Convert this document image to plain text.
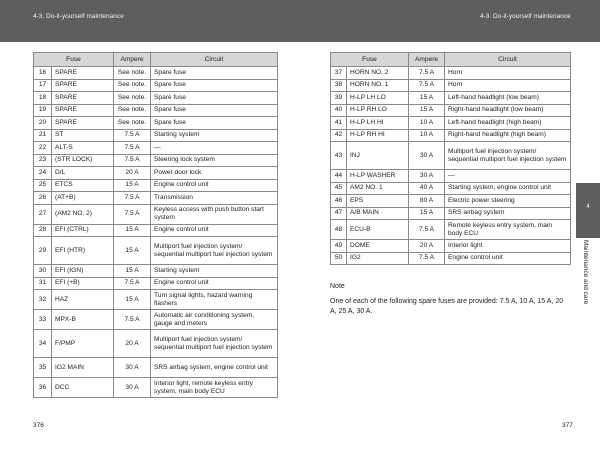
4-3. Do-it-yourself maintenance	4-3. Do-it-yourself maintenance
4
Maintenance and care
Fuse		Ampere	Circuit
16	SPARE	See note.	Spare fuse
17	SPARE	See note.	Spare fuse
18	SPARE	See note.	Spare fuse
19	SPARE	See note.	Spare fuse
20	SPARE	See note.	Spare fuse
21	ST	7.5 A	Starting system
22	ALT-S	7.5 A	—
23	(STR LOCK)	7.5 A	Steering lock system
24	D/L	20 A	Power door lock
25	ETCS	15 A	Engine control unit
26	(AT+B)	7.5 A	Transmission
27	(AM2 NO. 2)	7.5 A	Keyless access with push button start system
28	EFI (CTRL)	15 A	Engine control unit
29	EFI (HTR)	15 A	Multiport fuel injection system/ sequential multiport fuel injection system
30	EFI (IGN)	15 A	Starting system
31	EFI (+B)	7.5 A	Engine control unit
32	HAZ	15 A	Turn signal lights, hazard warning flashers
33	MPX-B	7.5 A	Automatic air conditioning system, gauge and meters
34	F/PMP	20 A	Multiport fuel injection system/ sequential multiport fuel injection system
35	IG2 MAIN	30 A	SRS airbag system, engine control unit
36	DCC	30 A	Interior light, remote keyless entry system, main body ECU
Fuse		Ampere	Circuit
37	HORN NO. 2	7.5 A	Horn
38	HORN NO. 1	7.5 A	Horn
39	H-LP LH LO	15 A	Left-hand headlight (low beam)
40	H-LP RH LO	15 A	Right-hand headlight (low beam)
41	H-LP LH HI	10 A	Left-hand headlight (high beam)
42	H-LP RH HI	10 A	Right-hand headlight (high beam)
43	INJ	30 A	Multiport fuel injection system/ sequential multiport fuel injection system
44	H-LP WASHER	30 A	—
45	AM2 NO. 1	40 A	Starting system, engine control unit
46	EPS	80 A	Electric power steering
47	A/B MAIN	15 A	SRS airbag system
48	ECU-B	7.5 A	Remote keyless entry system, main body ECU
49	DOME	20 A	Interior light
50	IG2	7.5 A	Engine control unit
Note
One of each of the following spare fuses are provided: 7.5 A, 10 A, 15 A, 20 A, 25 A, 30 A.
376	377
